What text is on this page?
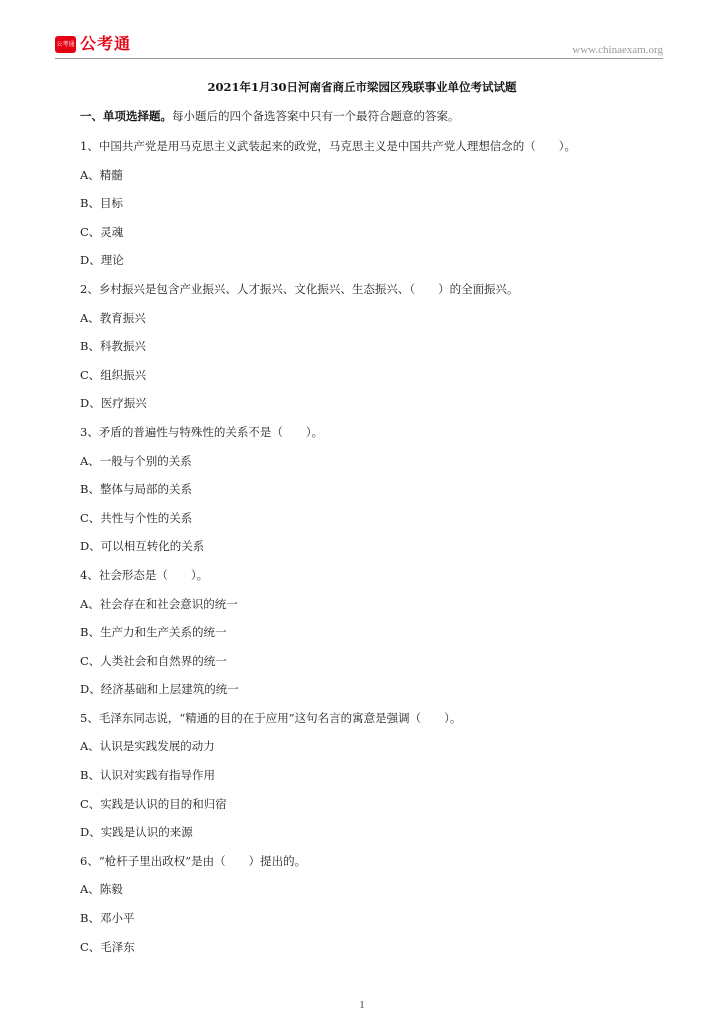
公考通 公考通	www.chinaexam.org
2021年1月30日河南省商丘市梁园区残联事业单位考试试题
一、单项选择题。每小题后的四个备选答案中只有一个最符合题意的答案。
1、中国共产党是用马克思主义武装起来的政党，马克思主义是中国共产党人理想信念的（　　）。
A、精髓
B、目标
C、灵魂
D、理论
2、乡村振兴是包含产业振兴、人才振兴、文化振兴、生态振兴、（　　）的全面振兴。
A、教育振兴
B、科教振兴
C、组织振兴
D、医疗振兴
3、矛盾的普遍性与特殊性的关系不是（　　）。
A、一般与个别的关系
B、整体与局部的关系
C、共性与个性的关系
D、可以相互转化的关系
4、社会形态是（　　）。
A、社会存在和社会意识的统一
B、生产力和生产关系的统一
C、人类社会和自然界的统一
D、经济基础和上层建筑的统一
5、毛泽东同志说，“精通的目的在于应用”这句名言的寓意是强调（　　）。
A、认识是实践发展的动力
B、认识对实践有指导作用
C、实践是认识的目的和归宿
D、实践是认识的来源
6、“枪杆子里出政权”是由（　　）提出的。
A、陈毅
B、邓小平
C、毛泽东
1
